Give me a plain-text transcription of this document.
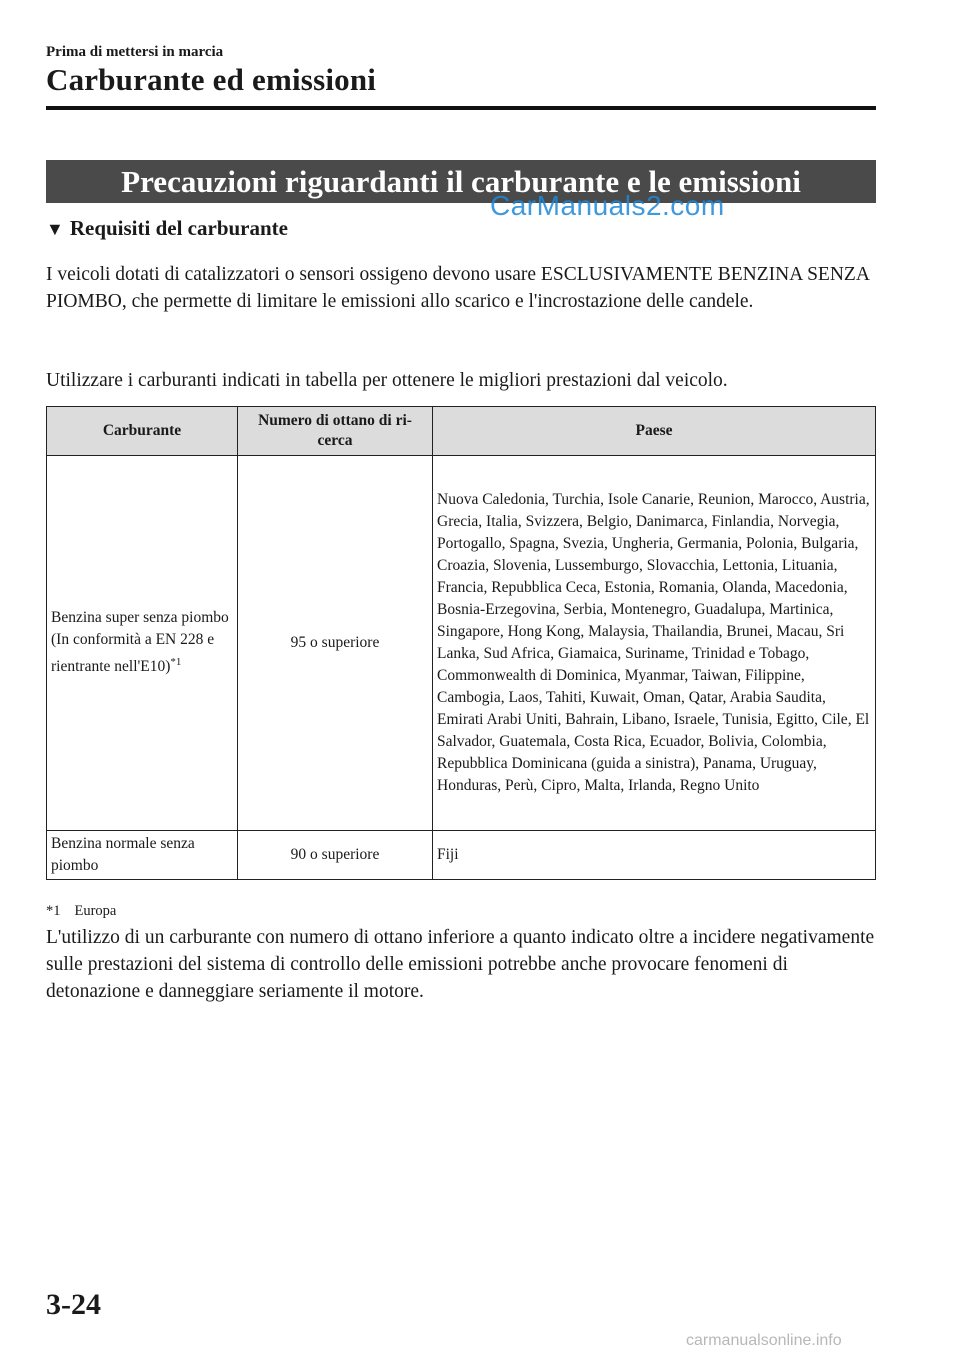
Prima di mettersi in marcia
Carburante ed emissioni
Precauzioni riguardanti il carburante e le emissioni
▼ Requisiti del carburante

I veicoli dotati di catalizzatori o sensori ossigeno devono usare ESCLUSIVAMENTE BENZINA SENZA PIOMBO, che permette di limitare le emissioni allo scarico e l'incrostazione delle candele.

Utilizzare i carburanti indicati in tabella per ottenere le migliori prestazioni dal veicolo.

Carburante	Numero di ottano di ri-cerca	Paese
Benzina super senza piombo (In conformità a EN 228 e rientrante nell'E10)$^{*1}$	95 o superiore	Nuova Caledonia, Turchia, Isole Canarie, Reunion, Marocco, Austria, Grecia, Italia, Svizzera, Belgio, Danimarca, Finlandia, Norvegia, Portogallo, Spagna, Svezia, Ungheria, Germania, Polonia, Bulgaria, Croazia, Slovenia, Lussemburgo, Slovacchia, Lettonia, Lituania, Francia, Repubblica Ceca, Estonia, Romania, Olanda, Macedonia, Bosnia-Erzegovina, Serbia, Montenegro, Guadalupa, Martinica, Singapore, Hong Kong, Malaysia, Thailandia, Brunei, Macau, Sri Lanka, Sud Africa, Giamaica, Suriname, Trinidad e Tobago, Commonwealth di Dominica, Myanmar, Taiwan, Filippine, Cambogia, Laos, Tahiti, Kuwait, Oman, Qatar, Arabia Saudita, Emirati Arabi Uniti, Bahrain, Libano, Israele, Tunisia, Egitto, Cile, El Salvador, Guatemala, Costa Rica, Ecuador, Bolivia, Colombia, Repubblica Dominicana (guida a sinistra), Panama, Uruguay, Honduras, Perù, Cipro, Malta, Irlanda, Regno Unito
Benzina normale senza piombo	90 o superiore	Fiji
*1 Europa

L'utilizzo di un carburante con numero di ottano inferiore a quanto indicato oltre a incidere negativamente sulle prestazioni del sistema di controllo delle emissioni potrebbe anche provocare fenomeni di detonazione e danneggiare seriamente il motore.

3-24
CarManuals2.com
carmanualsonline.info
